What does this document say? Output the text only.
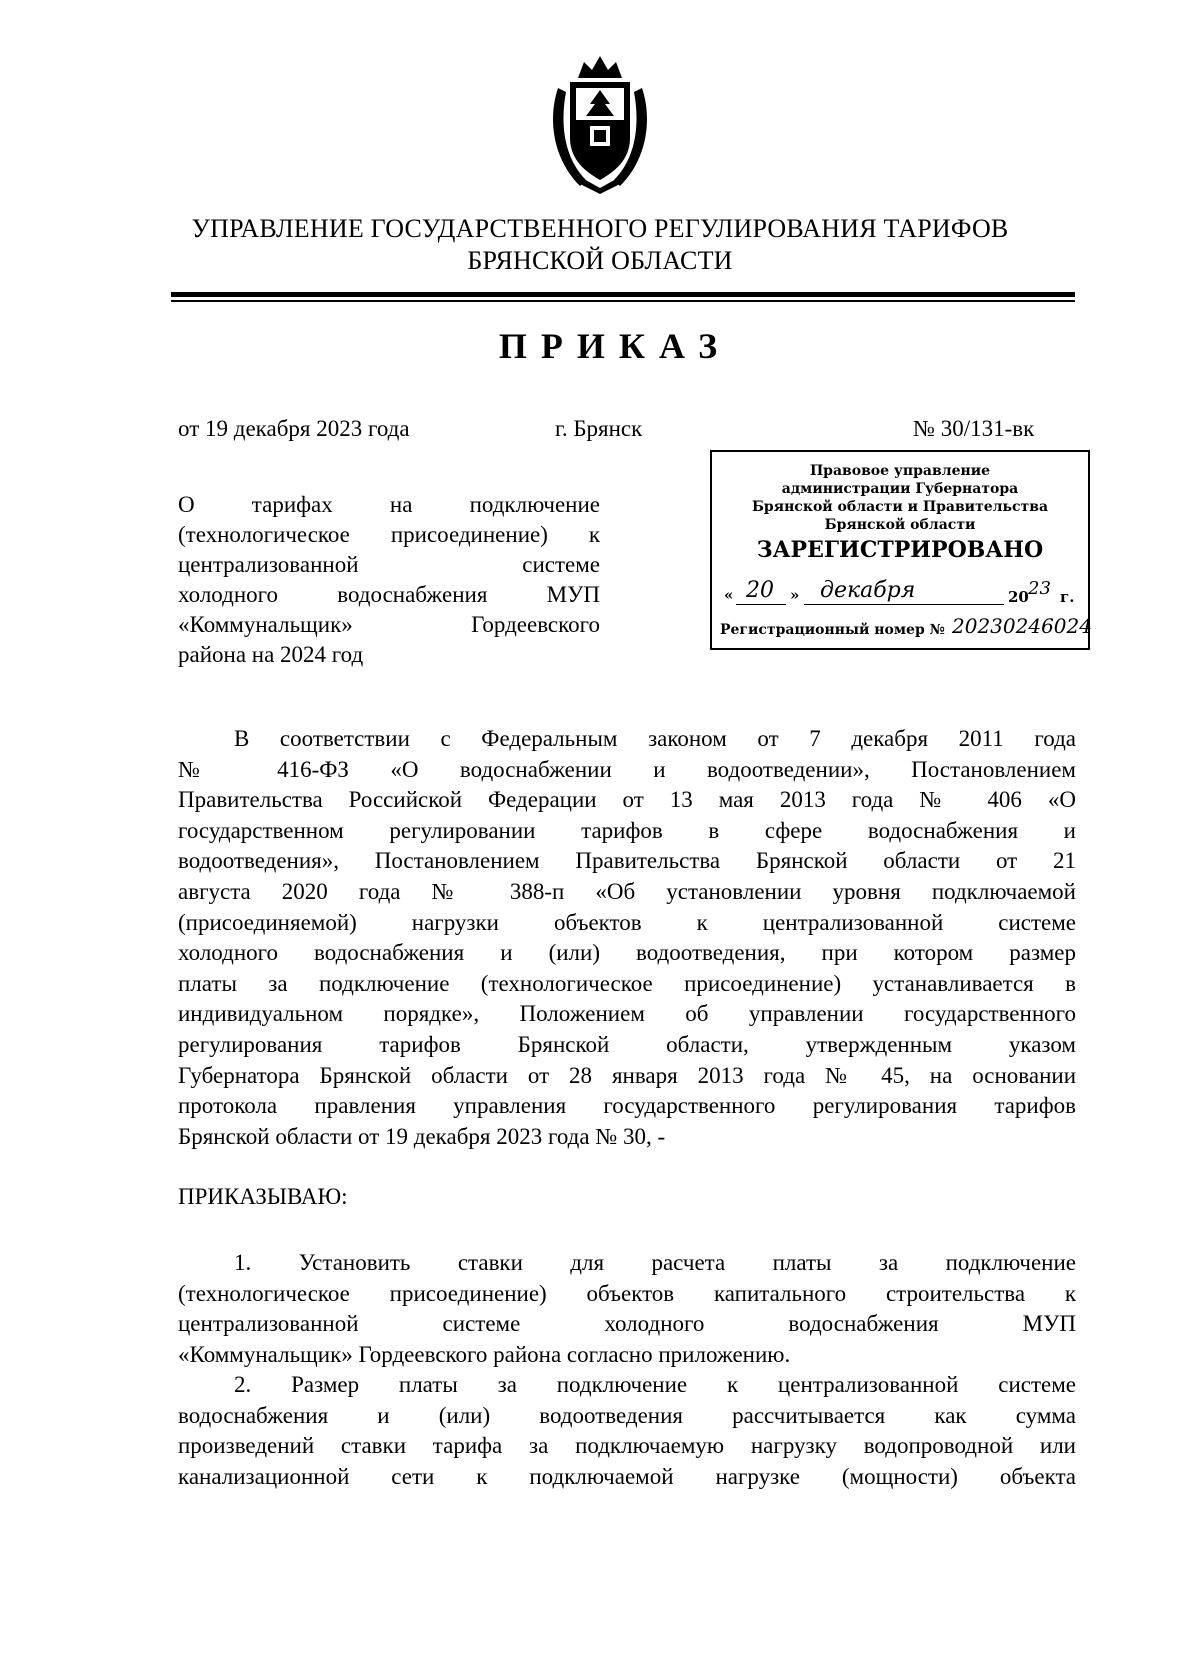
УПРАВЛЕНИЕ ГОСУДАРСТВЕННОГО РЕГУЛИРОВАНИЯ ТАРИФОВ
БРЯНСКОЙ ОБЛАСТИ
ПРИКАЗ
от 19 декабря 2023 года	г. Брянск	№ 30/131-вк
Правовое управление
администрации Губернатора
Брянской области и Правительства
Брянской области
ЗАРЕГИСТРИРОВАНО
« 20 » декабря	20 23 г.
Регистрационный номер № 20230246024
О тарифах на подключение
(технологическое присоединение) к
централизованной системе
холодного водоснабжения МУП
«Коммунальщик» Гордеевского
района на 2024 год
В соответствии с Федеральным законом от 7 декабря 2011 года
№ 416-ФЗ «О водоснабжении и водоотведении», Постановлением
Правительства Российской Федерации от 13 мая 2013 года № 406 «О
государственном регулировании тарифов в сфере водоснабжения и
водоотведения», Постановлением Правительства Брянской области от 21
августа 2020 года № 388-п «Об установлении уровня подключаемой
(присоединяемой) нагрузки объектов к централизованной системе
холодного водоснабжения и (или) водоотведения, при котором размер
платы за подключение (технологическое присоединение) устанавливается в
индивидуальном порядке», Положением об управлении государственного
регулирования тарифов Брянской области, утвержденным указом
Губернатора Брянской области от 28 января 2013 года № 45, на основании
протокола правления управления государственного регулирования тарифов
Брянской области от 19 декабря 2023 года № 30, -
ПРИКАЗЫВАЮ:
1. Установить ставки для расчета платы за подключение
(технологическое присоединение) объектов капитального строительства к
централизованной системе холодного водоснабжения МУП
«Коммунальщик» Гордеевского района согласно приложению.
2. Размер платы за подключение к централизованной системе
водоснабжения и (или) водоотведения рассчитывается как сумма
произведений ставки тарифа за подключаемую нагрузку водопроводной или
канализационной сети к подключаемой нагрузке (мощности) объекта
